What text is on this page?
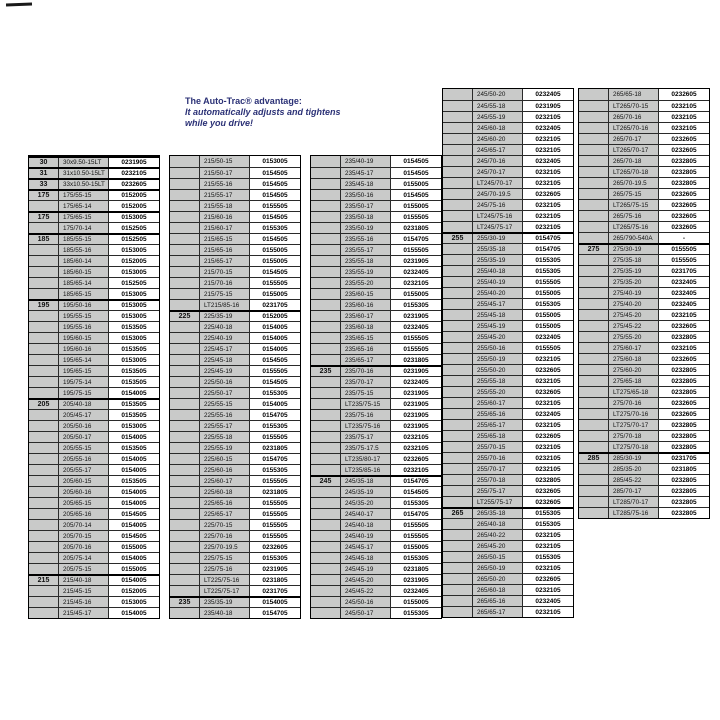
The Auto-Trac® advantage:
It automatically adjusts and tightens
while you drive!
30	30x9.50-15LT	0231905
31	31x10.50-15LT	0232105
33	33x10.50-15LT	0232605
175	175/55-15	0152005
175/65-14	0152005
175	175/65-15	0153005
175/70-14	0152505
185	185/55-15	0152505
185/55-16	0153005
185/60-14	0152005
185/60-15	0153005
185/65-14	0152505
185/65-15	0153005
195	195/50-16	0153005
195/55-15	0153005
195/55-16	0153505
195/60-15	0153005
195/60-16	0153505
195/65-14	0153005
195/65-15	0153505
195/75-14	0153505
195/75-15	0154005
205	205/40-18	0153505
205/45-17	0153505
205/50-16	0153005
205/50-17	0154005
205/55-15	0153505
205/55-16	0154005
205/55-17	0154005
205/60-15	0153505
205/60-16	0154005
205/65-15	0154005
205/65-16	0154505
205/70-14	0154005
205/70-15	0154505
205/70-16	0155005
205/75-14	0154005
205/75-15	0155005
215	215/40-18	0154005
215/45-15	0152005
215/45-16	0153005
215/45-17	0154005
215/50-15	0153005
215/50-17	0154505
215/55-16	0154505
215/55-17	0154505
215/55-18	0155505
215/60-16	0154505
215/60-17	0155305
215/65-15	0154505
215/65-16	0155005
215/65-17	0155005
215/70-15	0154505
215/70-16	0155505
215/75-15	0155005
LT215/85-16	0231705
225	225/35-19	0152005
225/40-18	0154005
225/40-19	0154005
225/45-17	0154005
225/45-18	0154505
225/45-19	0155505
225/50-16	0154505
225/50-17	0155305
225/55-15	0154005
225/55-16	0154705
225/55-17	0155305
225/55-18	0155505
225/55-19	0231805
225/60-15	0154705
225/60-16	0155305
225/60-17	0155505
225/60-18	0231805
225/65-16	0155505
225/65-17	0155505
225/70-15	0155505
225/70-16	0155505
225/70-19.5	0232605
225/75-15	0155305
225/75-16	0231905
LT225/75-16	0231805
LT225/75-17	0231705
235	235/35-19	0154005
235/40-18	0154705
235/40-19	0154505
235/45-17	0154505
235/45-18	0155005
235/50-16	0154505
235/50-17	0155005
235/50-18	0155505
235/50-19	0231805
235/55-16	0154705
235/55-17	0155505
235/55-18	0231905
235/55-19	0232405
235/55-20	0232105
235/60-15	0155005
235/60-16	0155305
235/60-17	0231905
235/60-18	0232405
235/65-15	0155505
235/65-16	0155505
235/65-17	0231805
235	235/70-16	0231905
235/70-17	0232405
235/75-15	0231905
LT235/75-15	0231905
235/75-16	0231905
LT235/75-16	0231905
235/75-17	0232105
235/75-17.5	0232105
LT235/80-17	0232605
LT235/85-16	0232105
245	245/35-18	0154705
245/35-19	0154505
245/35-20	0155305
245/40-17	0154705
245/40-18	0155505
245/40-19	0155505
245/45-17	0155005
245/45-18	0155305
245/45-19	0231805
245/45-20	0231905
245/45-22	0232405
245/50-16	0155005
245/50-17	0155305
245/50-20	0232405
245/55-18	0231905
245/55-19	0232105
245/60-18	0232405
245/60-20	0232105
245/65-17	0232105
245/70-16	0232405
245/70-17	0232105
LT245/70-17	0232105
245/70-19.5	0232605
245/75-16	0232105
LT245/75-16	0232105
LT245/75-17	0232105
255	255/30-19	0154705
255/35-18	0154705
255/35-19	0155305
255/40-18	0155305
255/40-19	0155505
255/40-20	0155005
255/45-17	0155305
255/45-18	0155005
255/45-19	0155005
255/45-20	0232405
255/50-16	0155505
255/50-19	0232105
255/50-20	0232605
255/55-18	0232105
255/55-20	0232605
255/60-17	0232105
255/65-16	0232405
255/65-17	0232105
255/65-18	0232605
255/70-15	0232105
255/70-16	0232105
255/70-17	0232105
255/70-18	0232805
255/75-17	0232605
LT255/75-17	0232605
265	265/35-18	0155305
265/40-18	0155305
265/40-22	0232105
265/45-20	0232105
265/50-15	0155305
265/50-19	0232105
265/50-20	0232605
265/60-18	0232105
265/65-16	0232405
265/65-17	0232105
265/65-18	0232605
LT265/70-15	0232105
265/70-16	0232105
LT265/70-16	0232105
265/70-17	0232605
LT265/70-17	0232605
265/70-18	0232805
LT265/70-18	0232805
265/70-19.5	0232805
265/75-15	0232605
LT265/75-15	0232605
265/75-16	0232605
LT265/75-16	0232605
265/790-540A	-
275	275/30-19	0155505
275/35-18	0155505
275/35-19	0231705
275/35-20	0232405
275/40-19	0232405
275/40-20	0232405
275/45-20	0232105
275/45-22	0232605
275/55-20	0232805
275/60-17	0232105
275/60-18	0232605
275/60-20	0232805
275/65-18	0232805
LT275/65-18	0232805
275/70-16	0232605
LT275/70-16	0232605
LT275/70-17	0232805
275/70-18	0232805
LT275/70-18	0232805
285	285/30-19	0231705
285/35-20	0231805
285/45-22	0232805
285/70-17	0232805
LT285/70-17	0232805
LT285/75-16	0232805
